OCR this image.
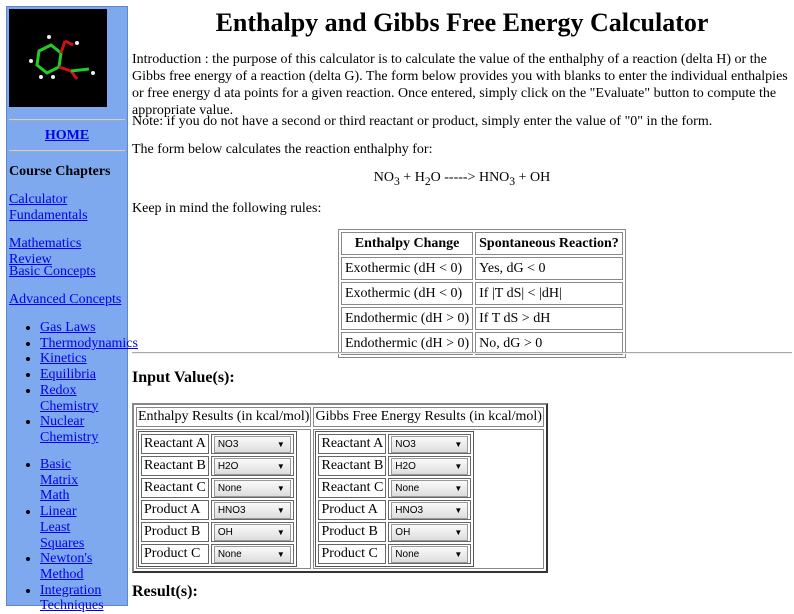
HOME
Course Chapters
Calculator Fundamentals
Mathematics Review
Basic Concepts
Advanced Concepts
• Gas Laws
• Thermodynamics
• Kinetics
• Equilibria
• Redox Chemistry
• Nuclear Chemistry
• Basic Matrix Math
• Linear Least Squares
• Newton's Method
• Integration Techniques
Enthalpy and Gibbs Free Energy Calculator

Introduction : the purpose of this calculator is to calculate the value of the enthalphy of a reaction (delta H) or the Gibbs free energy of a reaction (delta G). The form below provides you with blanks to enter the individual enthalpies or free energy d ata points for a given reaction. Once entered, simply click on the "Evaluate" button to compute the appropriate value.

Note: if you do not have a second or third reactant or product, simply enter the value of "0" in the form.

The form below calculates the reaction enthalphy for:

$NO_3 + H_2O$ -----> $HNO_3$ + OH

Keep in mind the following rules:

Enthalpy Change	Spontaneous Reaction?
Exothermic (dH < 0)	Yes, dG < 0
Exothermic (dH < 0)	If |T dS| < |dH|
Endothermic (dH > 0)	If T dS > dH
Endothermic (dH > 0)	No, dG > 0
Input Value(s):
Enthalpy Results (in kcal/mol)	Gibbs Free Energy Results (in kcal/mol)

Reactant A	NO3	▼

Reactant B	H2O	▼

Reactant C	None	▼

Product A	HNO3	▼

Product B	OH	▼

Product C	None	▼

Reactant A	NO3	▼

Reactant B	H2O	▼

Reactant C	None	▼

Product A	HNO3	▼

Product B	OH	▼

Product C	None	▼
Result(s):
